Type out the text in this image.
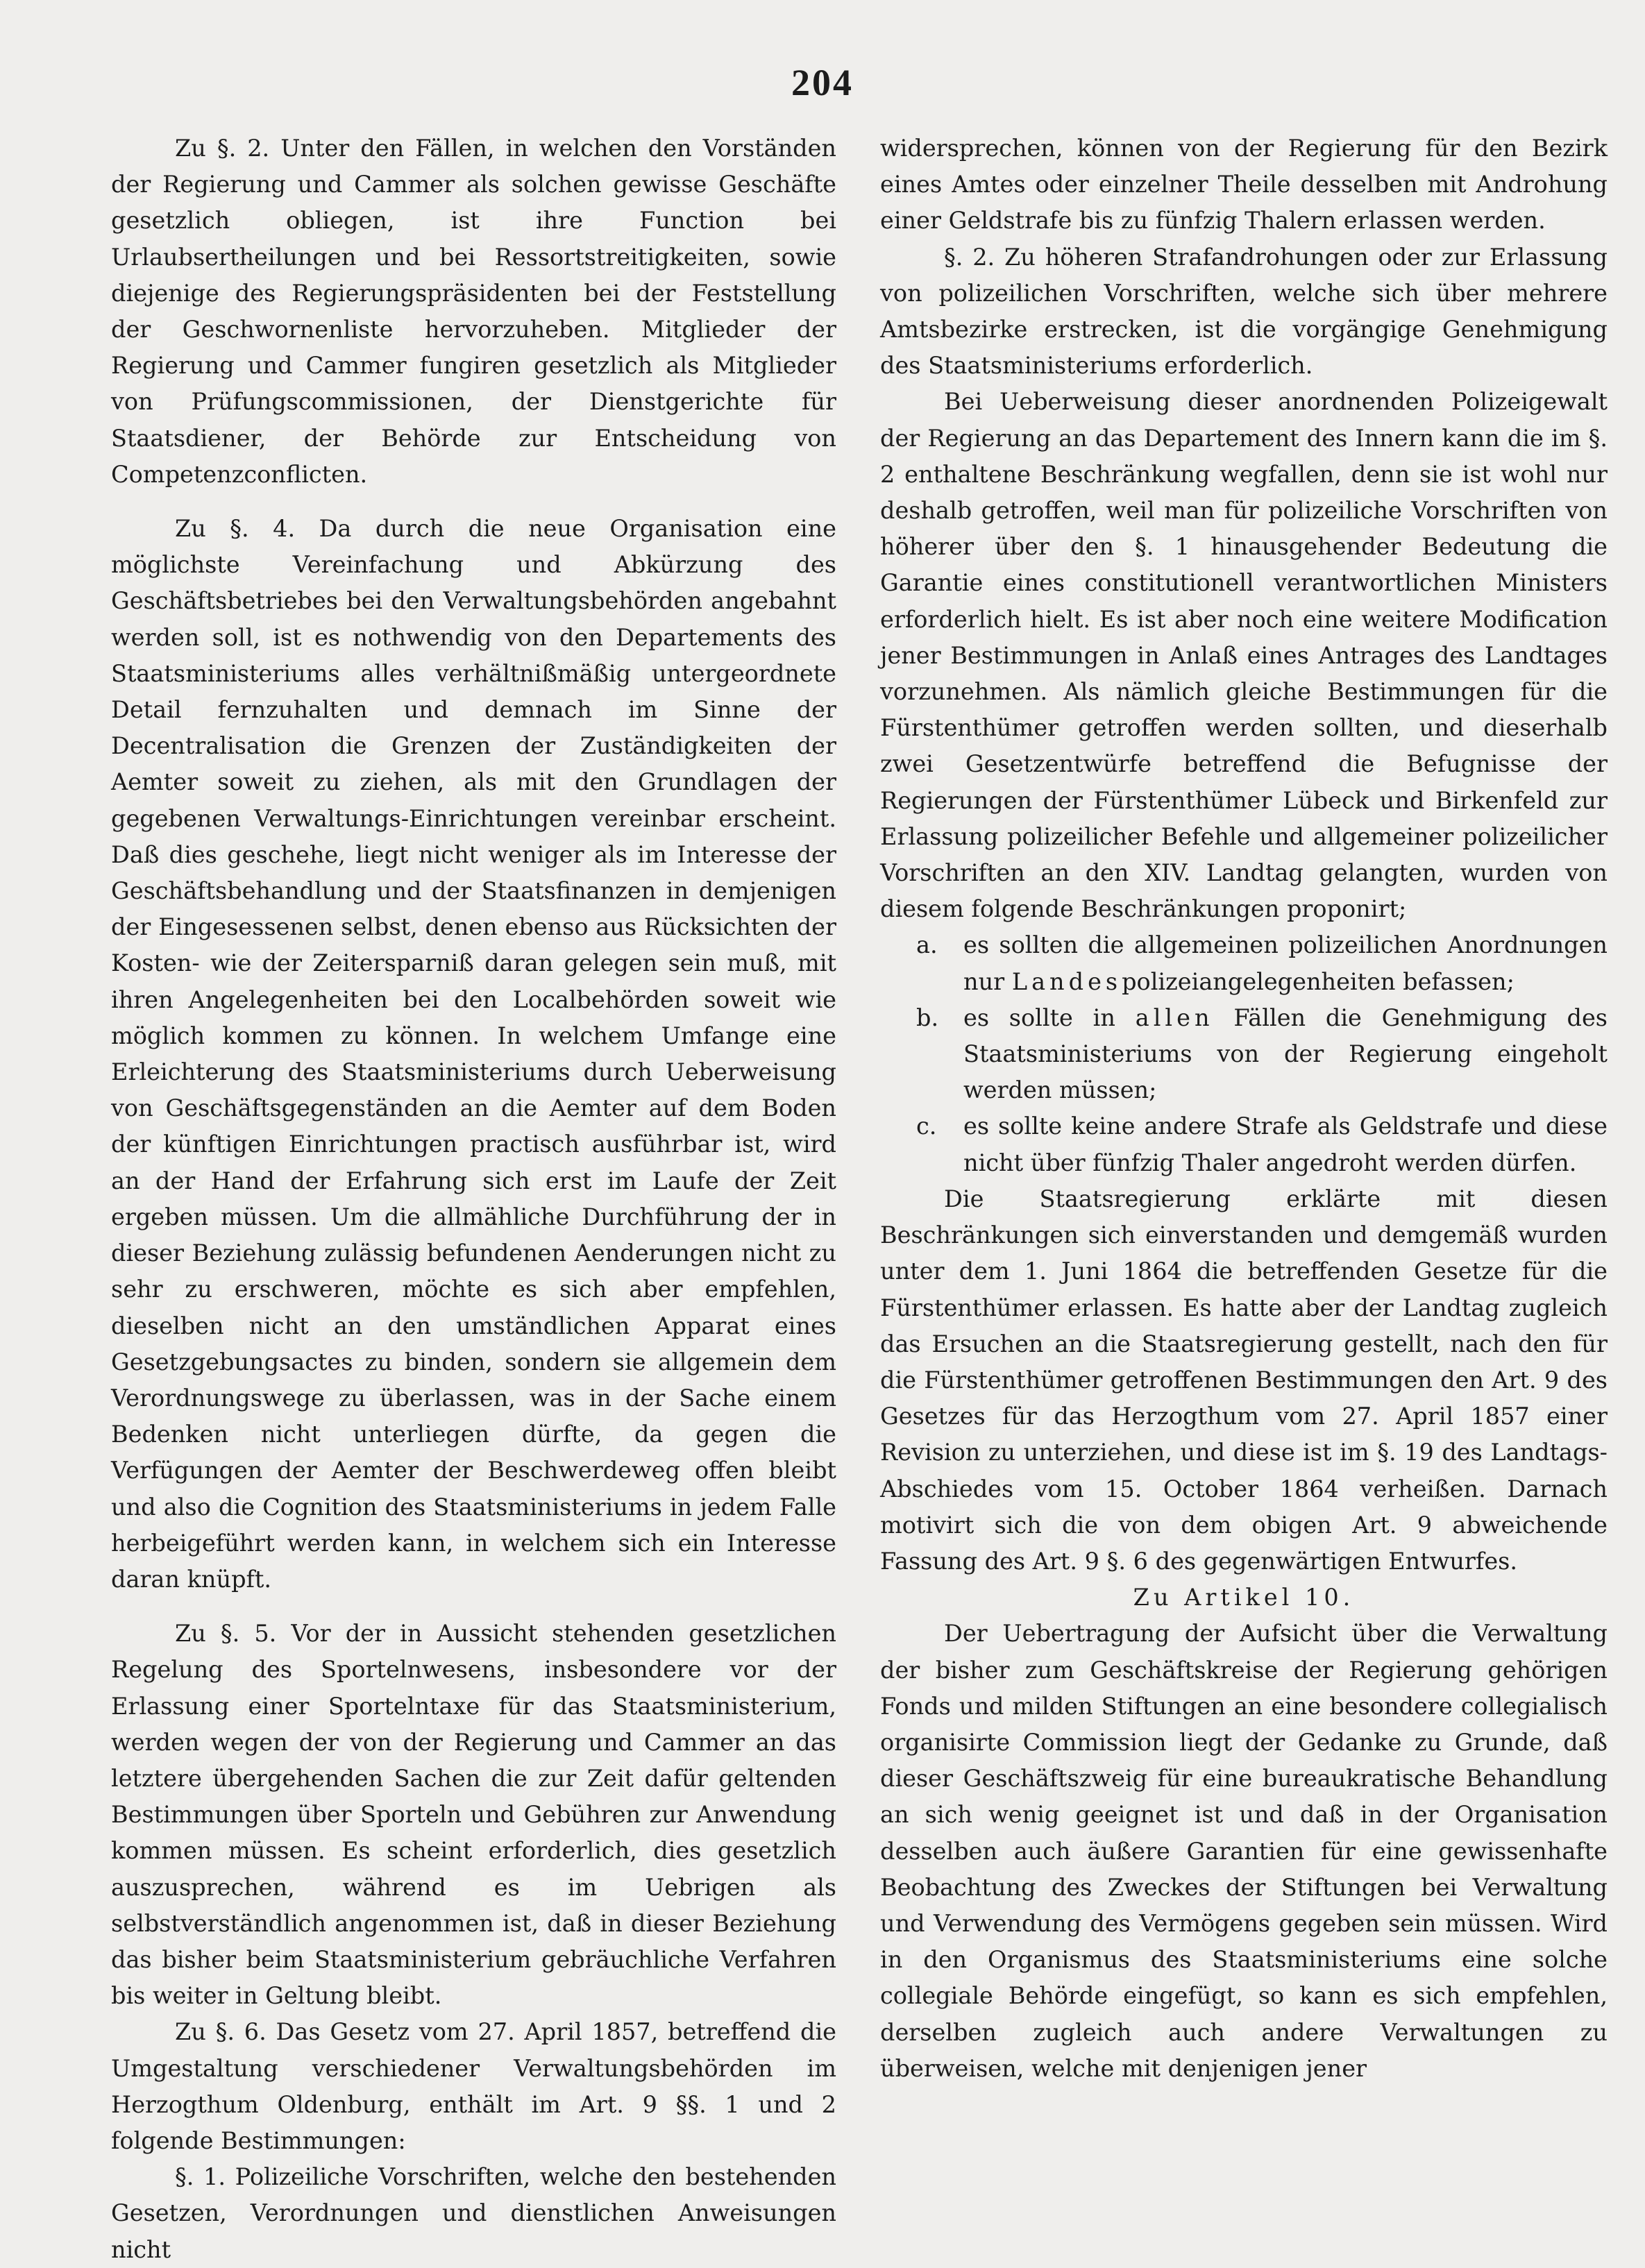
204

Zu §. 2. Unter den Fällen, in welchen den Vorständen der Regierung und Cammer als solchen gewisse Geschäfte gesetzlich obliegen, ist ihre Function bei Urlaubsertheilungen und bei Ressortstreitigkeiten, sowie diejenige des Regierungspräsidenten bei der Feststellung der Geschwornenliste hervorzuheben. Mitglieder der Regierung und Cammer fungiren gesetzlich als Mitglieder von Prüfungscommissionen, der Dienstgerichte für Staatsdiener, der Behörde zur Entscheidung von Competenzconflicten.

Zu §. 4. Da durch die neue Organisation eine möglichste Vereinfachung und Abkürzung des Geschäftsbetriebes bei den Verwaltungsbehörden angebahnt werden soll, ist es nothwendig von den Departements des Staatsministeriums alles verhältnißmäßig untergeordnete Detail fernzuhalten und demnach im Sinne der Decentralisation die Grenzen der Zuständigkeiten der Aemter soweit zu ziehen, als mit den Grundlagen der gegebenen Verwaltungs-Einrichtungen vereinbar erscheint. Daß dies geschehe, liegt nicht weniger als im Interesse der Geschäftsbehandlung und der Staatsfinanzen in demjenigen der Eingesessenen selbst, denen ebenso aus Rücksichten der Kosten- wie der Zeitersparniß daran gelegen sein muß, mit ihren Angelegenheiten bei den Localbehörden soweit wie möglich kommen zu können. In welchem Umfange eine Erleichterung des Staatsministeriums durch Ueberweisung von Geschäftsgegenständen an die Aemter auf dem Boden der künftigen Einrichtungen practisch ausführbar ist, wird an der Hand der Erfahrung sich erst im Laufe der Zeit ergeben müssen. Um die allmähliche Durchführung der in dieser Beziehung zulässig befundenen Aenderungen nicht zu sehr zu erschweren, möchte es sich aber empfehlen, dieselben nicht an den umständlichen Apparat eines Gesetzgebungsactes zu binden, sondern sie allgemein dem Verordnungswege zu überlassen, was in der Sache einem Bedenken nicht unterliegen dürfte, da gegen die Verfügungen der Aemter der Beschwerdeweg offen bleibt und also die Cognition des Staatsministeriums in jedem Falle herbeigeführt werden kann, in welchem sich ein Interesse daran knüpft.

Zu §. 5. Vor der in Aussicht stehenden gesetzlichen Regelung des Sportelnwesens, insbesondere vor der Erlassung einer Sportelntaxe für das Staatsministerium, werden wegen der von der Regierung und Cammer an das letztere übergehenden Sachen die zur Zeit dafür geltenden Bestimmungen über Sporteln und Gebühren zur Anwendung kommen müssen. Es scheint erforderlich, dies gesetzlich auszusprechen, während es im Uebrigen als selbstverständlich angenommen ist, daß in dieser Beziehung das bisher beim Staatsministerium gebräuchliche Verfahren bis weiter in Geltung bleibt.

Zu §. 6. Das Gesetz vom 27. April 1857, betreffend die Umgestaltung verschiedener Verwaltungsbehörden im Herzogthum Oldenburg, enthält im Art. 9 §§. 1 und 2 folgende Bestimmungen:

§. 1. Polizeiliche Vorschriften, welche den bestehenden Gesetzen, Verordnungen und dienstlichen Anweisungen nicht

widersprechen, können von der Regierung für den Bezirk eines Amtes oder einzelner Theile desselben mit Androhung einer Geldstrafe bis zu fünfzig Thalern erlassen werden.

§. 2. Zu höheren Strafandrohungen oder zur Erlassung von polizeilichen Vorschriften, welche sich über mehrere Amtsbezirke erstrecken, ist die vorgängige Genehmigung des Staatsministeriums erforderlich.

Bei Ueberweisung dieser anordnenden Polizeigewalt der Regierung an das Departement des Innern kann die im §. 2 enthaltene Beschränkung wegfallen, denn sie ist wohl nur deshalb getroffen, weil man für polizeiliche Vorschriften von höherer über den §. 1 hinausgehender Bedeutung die Garantie eines constitutionell verantwortlichen Ministers erforderlich hielt. Es ist aber noch eine weitere Modification jener Bestimmungen in Anlaß eines Antrages des Landtages vorzunehmen. Als nämlich gleiche Bestimmungen für die Fürstenthümer getroffen werden sollten, und dieserhalb zwei Gesetzentwürfe betreffend die Befugnisse der Regierungen der Fürstenthümer Lübeck und Birkenfeld zur Erlassung polizeilicher Befehle und allgemeiner polizeilicher Vorschriften an den XIV. Landtag gelangten, wurden von diesem folgende Beschränkungen proponirt;

a. es sollten die allgemeinen polizeilichen Anordnungen nur Landespolizeiangelegenheiten befassen;
b. es sollte in allen Fällen die Genehmigung des Staatsministeriums von der Regierung eingeholt werden müssen;
c. es sollte keine andere Strafe als Geldstrafe und diese nicht über fünfzig Thaler angedroht werden dürfen.

Die Staatsregierung erklärte mit diesen Beschränkungen sich einverstanden und demgemäß wurden unter dem 1. Juni 1864 die betreffenden Gesetze für die Fürstenthümer erlassen. Es hatte aber der Landtag zugleich das Ersuchen an die Staatsregierung gestellt, nach den für die Fürstenthümer getroffenen Bestimmungen den Art. 9 des Gesetzes für das Herzogthum vom 27. April 1857 einer Revision zu unterziehen, und diese ist im §. 19 des Landtags-Abschiedes vom 15. October 1864 verheißen. Darnach motivirt sich die von dem obigen Art. 9 abweichende Fassung des Art. 9 §. 6 des gegenwärtigen Entwurfes.

Zu Artikel 10.

Der Uebertragung der Aufsicht über die Verwaltung der bisher zum Geschäftskreise der Regierung gehörigen Fonds und milden Stiftungen an eine besondere collegialisch organisirte Commission liegt der Gedanke zu Grunde, daß dieser Geschäftszweig für eine bureaukratische Behandlung an sich wenig geeignet ist und daß in der Organisation desselben auch äußere Garantien für eine gewissenhafte Beobachtung des Zweckes der Stiftungen bei Verwaltung und Verwendung des Vermögens gegeben sein müssen. Wird in den Organismus des Staatsministeriums eine solche collegiale Behörde eingefügt, so kann es sich empfehlen, derselben zugleich auch andere Verwaltungen zu überweisen, welche mit denjenigen jener
